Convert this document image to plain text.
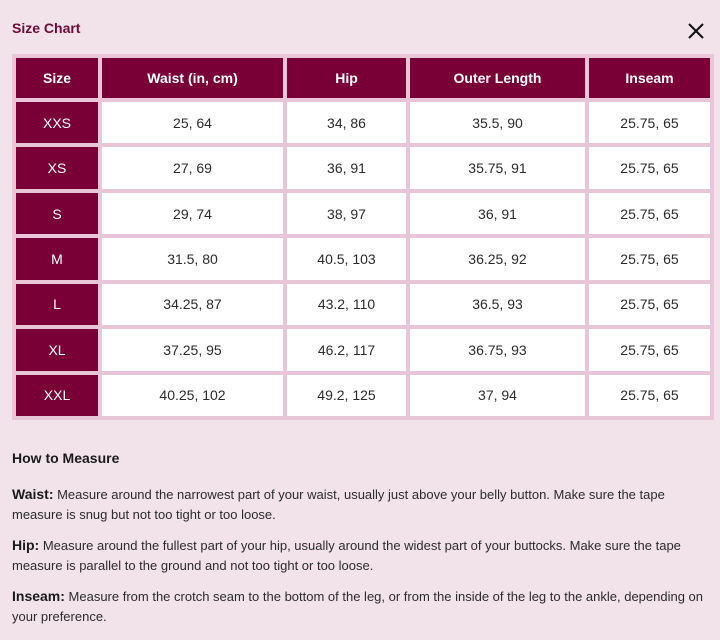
Size Chart
Size	Waist (in, cm)	Hip	Outer Length	Inseam
XXS	25, 64	34, 86	35.5, 90	25.75, 65
XS	27, 69	36, 91	35.75, 91	25.75, 65
S	29, 74	38, 97	36, 91	25.75, 65
M	31.5, 80	40.5, 103	36.25, 92	25.75, 65
L	34.25, 87	43.2, 110	36.5, 93	25.75, 65
XL	37.25, 95	46.2, 117	36.75, 93	25.75, 65
XXL	40.25, 102	49.2, 125	37, 94	25.75, 65
How to Measure

Waist: Measure around the narrowest part of your waist, usually just above your belly button. Make sure the tape measure is snug but not too tight or too loose.

Hip: Measure around the fullest part of your hip, usually around the widest part of your buttocks. Make sure the tape measure is parallel to the ground and not too tight or too loose.

Inseam: Measure from the crotch seam to the bottom of the leg, or from the inside of the leg to the ankle, depending on your preference.
